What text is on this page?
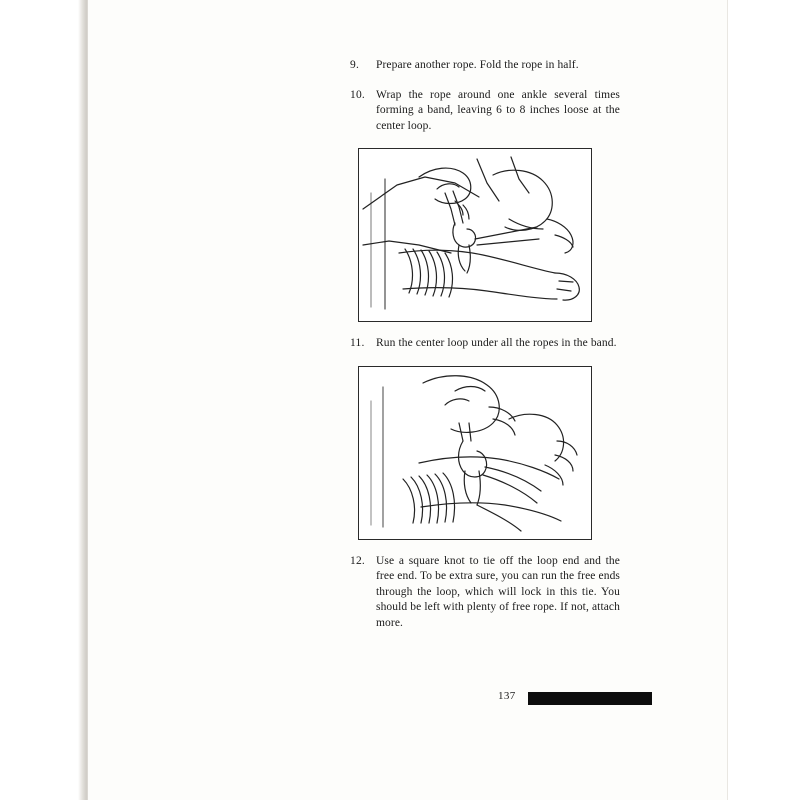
9.	Prepare another rope. Fold the rope in half.
10. Wrap the rope around one ankle several times forming a band, leaving 6 to 8 inches loose at the center loop.
11. Run the center loop under all the ropes in the band.
12. Use a square knot to tie off the loop end and the free end. To be extra sure, you can run the free ends through the loop, which will lock in this tie. You should be left with plenty of free rope. If not, attach more.
137
